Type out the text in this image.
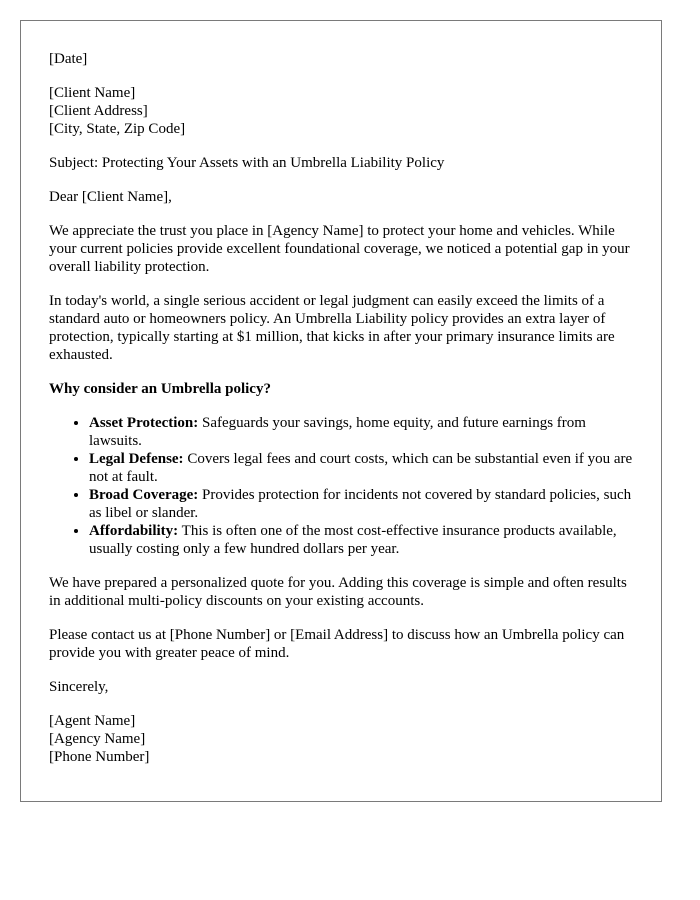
[Date]

[Client Name]
[Client Address]
[City, State, Zip Code]

Subject: Protecting Your Assets with an Umbrella Liability Policy

Dear [Client Name],

We appreciate the trust you place in [Agency Name] to protect your home and vehicles. While your current policies provide excellent foundational coverage, we noticed a potential gap in your overall liability protection.

In today's world, a single serious accident or legal judgment can easily exceed the limits of a standard auto or homeowners policy. An Umbrella Liability policy provides an extra layer of protection, typically starting at $1 million, that kicks in after your primary insurance limits are exhausted.

Why consider an Umbrella policy?

• Asset Protection: Safeguards your savings, home equity, and future earnings from lawsuits.
• Legal Defense: Covers legal fees and court costs, which can be substantial even if you are not at fault.
• Broad Coverage: Provides protection for incidents not covered by standard policies, such as libel or slander.
• Affordability: This is often one of the most cost-effective insurance products available, usually costing only a few hundred dollars per year.

We have prepared a personalized quote for you. Adding this coverage is simple and often results in additional multi-policy discounts on your existing accounts.

Please contact us at [Phone Number] or [Email Address] to discuss how an Umbrella policy can provide you with greater peace of mind.

Sincerely,

[Agent Name]
[Agency Name]
[Phone Number]
